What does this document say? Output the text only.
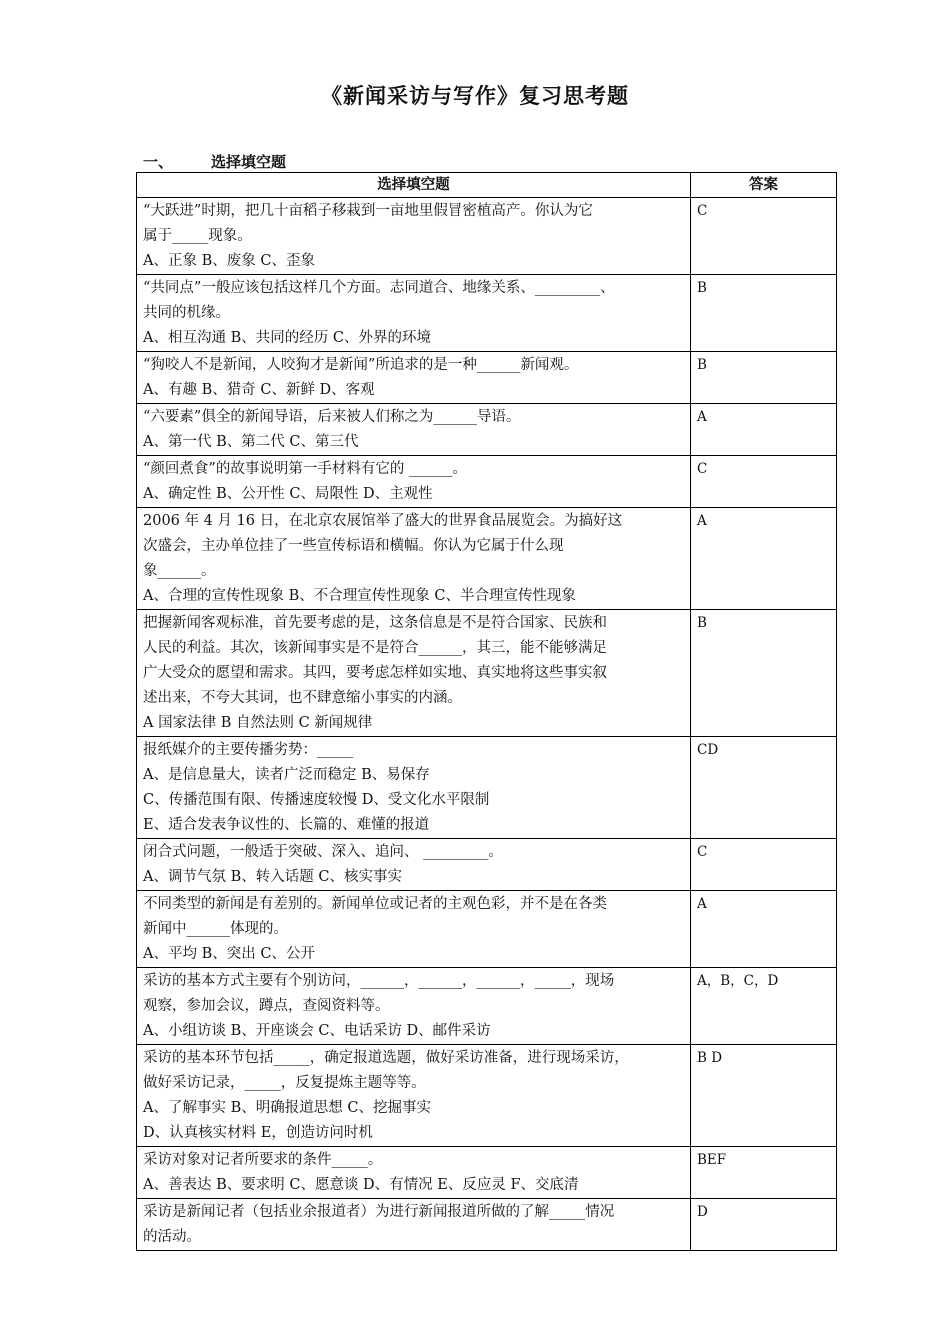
《新闻采访与写作》复习思考题
一、	选择填空题
选择填空题	答案

“大跃进”时期，把几十亩稻子移栽到一亩地里假冒密植高产。你认为它
属于_____现象。
A、正象 B、废象 C、歪象	C

“共同点”一般应该包括这样几个方面。志同道合、地缘关系、_________、
共同的机缘。
A、相互沟通 B、共同的经历 C、外界的环境	B

“狗咬人不是新闻，人咬狗才是新闻”所追求的是一种______新闻观。
A、有趣 B、猎奇 C、新鲜 D、客观	B

“六要素”俱全的新闻导语，后来被人们称之为______导语。
A、第一代 B、第二代 C、第三代	A

“颜回煮食”的故事说明第一手材料有它的 ______。
A、确定性 B、公开性 C、局限性 D、主观性	C

2006 年 4 月 16 日，在北京农展馆举了盛大的世界食品展览会。为搞好这
次盛会，主办单位挂了一些宣传标语和横幅。你认为它属于什么现
象______。
A、合理的宣传性现象 B、不合理宣传性现象 C、半合理宣传性现象	A

把握新闻客观标准，首先要考虑的是，这条信息是不是符合国家、民族和
人民的利益。其次，该新闻事实是不是符合______，其三，能不能够满足
广大受众的愿望和需求。其四，要考虑怎样如实地、真实地将这些事实叙
述出来，不夸大其词，也不肆意缩小事实的内涵。
A 国家法律 B 自然法则 C 新闻规律	B

报纸媒介的主要传播劣势：_____
A、是信息量大，读者广泛而稳定 B、易保存
C、传播范围有限、传播速度较慢 D、受文化水平限制
E、适合发表争议性的、长篇的、难懂的报道	CD

闭合式问题，一般适于突破、深入、追问、 _________。
A、调节气氛 B、转入话题 C、核实事实	C

不同类型的新闻是有差别的。新闻单位或记者的主观色彩，并不是在各类
新闻中______体现的。
A、平均 B、突出 C、公开	A

采访的基本方式主要有个别访问，______，______，______，_____，现场
观察，参加会议，蹲点，查阅资料等。
A、小组访谈 B、开座谈会 C、电话采访 D、邮件采访	A，B，C，D

采访的基本环节包括_____，确定报道选题，做好采访准备，进行现场采访，
做好采访记录，_____，反复提炼主题等等。
A、了解事实 B、明确报道思想 C、挖掘事实
D、认真核实材料 E，创造访问时机	B D

采访对象对记者所要求的条件_____。
A、善表达 B、要求明 C、愿意谈 D、有情况 E、反应灵 F、交底清	BEF

采访是新闻记者（包括业余报道者）为进行新闻报道所做的了解_____情况
的活动。	D
